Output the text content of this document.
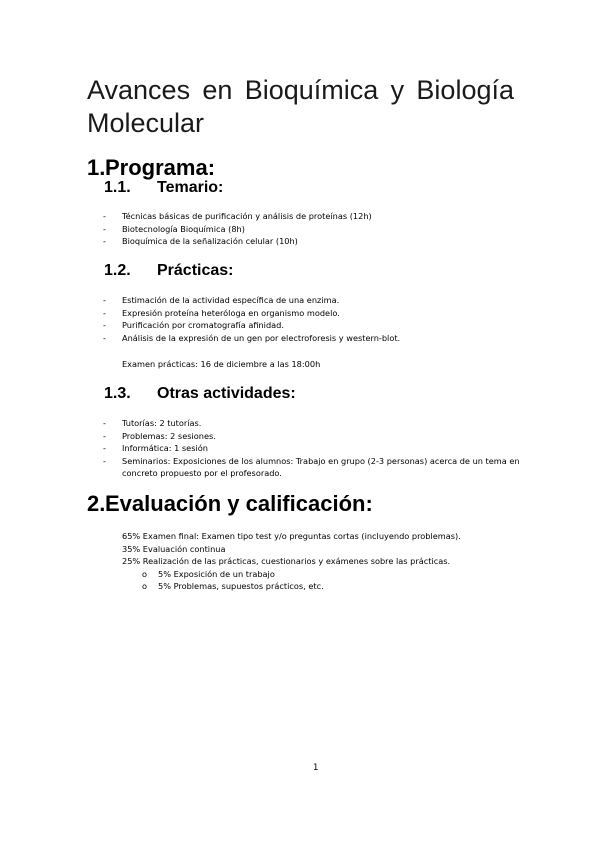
Avances en Bioquímica y Biología Molecular
1.Programa:
1.1. Temario:
- Técnicas básicas de purificación y análisis de proteínas (12h)
- Biotecnología Bioquímica (8h)
- Bioquímica de la señalización celular (10h)
1.2. Prácticas:
- Estimación de la actividad específica de una enzima.
- Expresión proteína heteróloga en organismo modelo.
- Purificación por cromatografía afinidad.
- Análisis de la expresión de un gen por electroforesis y western-blot.
Examen prácticas: 16 de diciembre a las 18:00h
1.3. Otras actividades:
- Tutorías: 2 tutorías.
- Problemas: 2 sesiones.
- Informática: 1 sesión
- Seminarios: Exposiciones de los alumnos: Trabajo en grupo (2-3 personas) acerca de un tema en concreto propuesto por el profesorado.
2.Evaluación y calificación:
65% Examen final: Examen tipo test y/o preguntas cortas (incluyendo problemas).
35% Evaluación continua
25% Realización de las prácticas, cuestionarios y exámenes sobre las prácticas.
o 5% Exposición de un trabajo
o 5% Problemas, supuestos prácticos, etc.
1
